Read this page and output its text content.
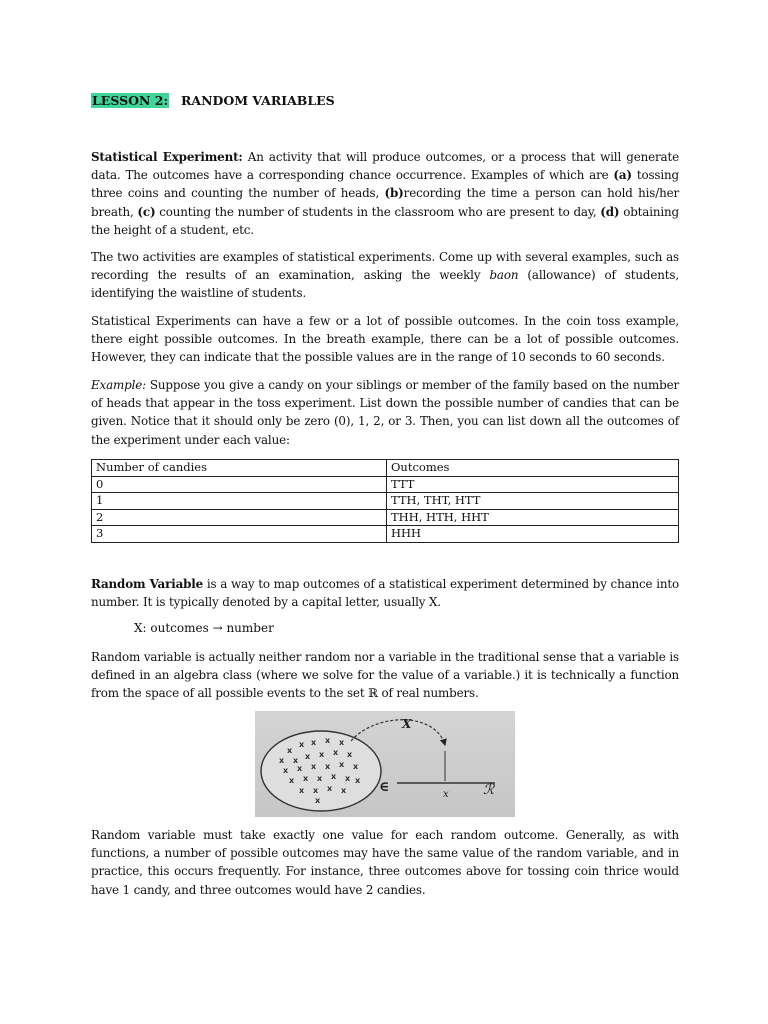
LESSON 2: RANDOM VARIABLES

Statistical Experiment: An activity that will produce outcomes, or a process that will generate data. The outcomes have a corresponding chance occurrence. Examples of which are (a) tossing three coins and counting the number of heads, (b)recording the time a person can hold his/her breath, (c) counting the number of students in the classroom who are present to day, (d) obtaining the height of a student, etc.

The two activities are examples of statistical experiments. Come up with several examples, such as recording the results of an examination, asking the weekly baon (allowance) of students, identifying the waistline of students.

Statistical Experiments can have a few or a lot of possible outcomes. In the coin toss example, there eight possible outcomes. In the breath example, there can be a lot of possible outcomes. However, they can indicate that the possible values are in the range of 10 seconds to 60 seconds.

Example: Suppose you give a candy on your siblings or member of the family based on the number of heads that appear in the toss experiment. List down the possible number of candies that can be given. Notice that it should only be zero (0), 1, 2, or 3. Then, you can list down all the outcomes of the experiment under each value:

Number of candies	Outcomes
0	TTT
1	TTH, THT, HTT
2	THH, HTH, HHT
3	HHH

Random Variable is a way to map outcomes of a statistical experiment determined by chance into number. It is typically denoted by a capital letter, usually X.

X: outcomes → number

Random variable is actually neither random nor a variable in the traditional sense that a variable is defined in an algebra class (where we solve for the value of a variable.) it is technically a function from the space of all possible events to the set ℝ of real numbers.

X
x
∈	ℛ
x
x x x x
x x x x x
x x x x x x
x x x x x
x x x x
x
x
x

Random variable must take exactly one value for each random outcome. Generally, as with functions, a number of possible outcomes may have the same value of the random variable, and in practice, this occurs frequently. For instance, three outcomes above for tossing coin thrice would have 1 candy, and three outcomes would have 2 candies.
